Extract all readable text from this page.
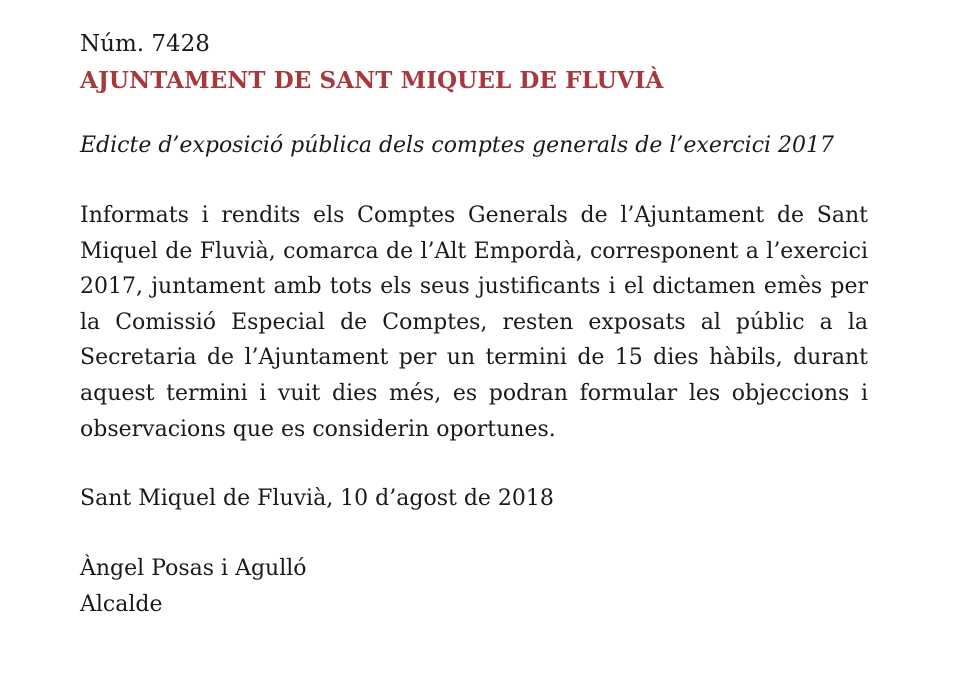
Núm. 7428

AJUNTAMENT DE SANT MIQUEL DE FLUVIÀ

Edicte d’exposició pública dels comptes generals de l’exercici 2017

Informats i rendits els Comptes Generals de l’Ajuntament de Sant Miquel de Fluvià, comarca de l’Alt Empordà, corresponent a l’exercici 2017, juntament amb tots els seus justificants i el dictamen emès per la Comissió Especial de Comptes, resten exposats al públic a la Secretaria de l’Ajuntament per un termini de 15 dies hàbils, durant aquest termini i vuit dies més, es podran formular les objeccions i observacions que es considerin oportunes.

Sant Miquel de Fluvià, 10 d’agost de 2018

Àngel Posas i Agulló

Alcalde
